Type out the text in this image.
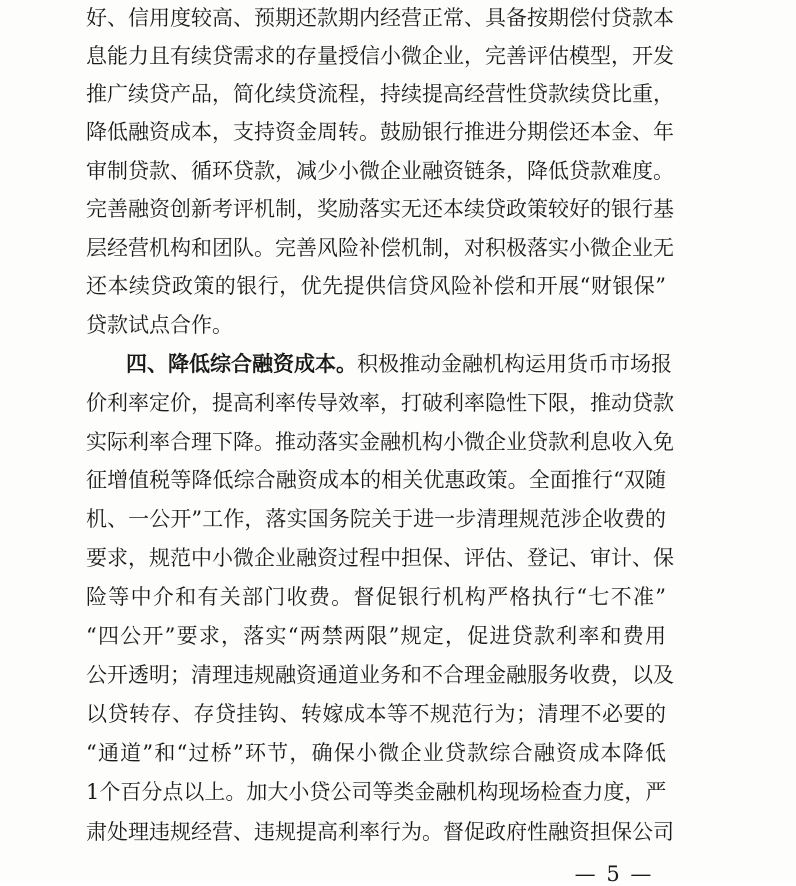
好、信用度较高、预期还款期内经营正常、具备按期偿付贷款本
息能力且有续贷需求的存量授信小微企业，完善评估模型，开发
推广续贷产品，简化续贷流程，持续提高经营性贷款续贷比重，
降低融资成本，支持资金周转。鼓励银行推进分期偿还本金、年
审制贷款、循环贷款，减少小微企业融资链条，降低贷款难度。
完善融资创新考评机制，奖励落实无还本续贷政策较好的银行基
层经营机构和团队。完善风险补偿机制，对积极落实小微企业无
还本续贷政策的银行，优先提供信贷风险补偿和开展“财银保”
贷款试点合作。
四、降低综合融资成本。积极推动金融机构运用货币市场报
价利率定价，提高利率传导效率，打破利率隐性下限，推动贷款
实际利率合理下降。推动落实金融机构小微企业贷款利息收入免
征增值税等降低综合融资成本的相关优惠政策。全面推行“双随
机、一公开”工作，落实国务院关于进一步清理规范涉企收费的
要求，规范中小微企业融资过程中担保、评估、登记、审计、保
险等中介和有关部门收费。督促银行机构严格执行“七不准”
“四公开”要求，落实“两禁两限”规定，促进贷款利率和费用
公开透明；清理违规融资通道业务和不合理金融服务收费，以及
以贷转存、存贷挂钩、转嫁成本等不规范行为；清理不必要的
“通道”和“过桥”环节，确保小微企业贷款综合融资成本降低
1个百分点以上。加大小贷公司等类金融机构现场检查力度，严
肃处理违规经营、违规提高利率行为。督促政府性融资担保公司
— 5 —
